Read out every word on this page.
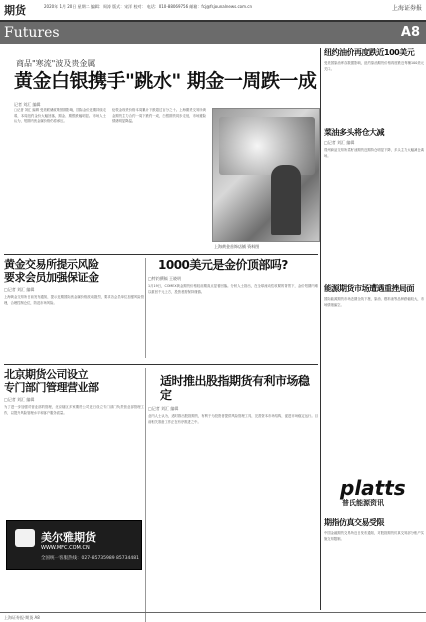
期货	2020年 1月 20日 星期二 编辑：周涛 版式：宋洋 校对： 电话：010-88069756 邮箱：fcj@fsjounalnews.com.cn	上海证券报
Futures	A8
商品"寒流"波及贵金属
黄金白银携手"跳水" 期金一周跌一成
记者 刘汇 编辑
□记者 刘汇 编辑 受美联储政策预期影响，国际金价近期持续走弱，本周纽约金价大幅回落，期金、期银跌幅明显。市场人士认为，短期内贵金属价格仍将承压。
伦敦金现货价格本周累计下跌超过百分之十。上海期货交易所黄金期货主力合约一周下跌约一成，白银期货同步走低，市场避险情绪明显降温。
上海黄金首饰店铺 资料图
黄金交易所提示风险
要求会员加强保证金
□记者 刘汇 编辑
上海黄金交易所日前发布通知，提示近期国际贵金属价格波动剧烈，要求各会员单位加强风险管理，合理控制仓位，防范市场风险。
1000美元是金价顶部吗?
□特约撰稿 王晓明
1月19日，COMEX黄金期货价格较前期高点显著回落。分析人士指出，在全球流动性收紧的背景下，金价短期内难以重回千元上方，投资者需保持谨慎。
北京期货公司设立
专门部门管理营业部
□记者 刘汇 编辑
为了进一步加强对营业部的管理，北京辖区多家期货公司近日设立专门部门负责营业部管理工作，以提升风险管理水平和客户服务质量。
适时推出股指期货有利市场稳定
□记者 刘汇 编辑
业内人士认为，适时推出股指期货，有利于为投资者提供风险管理工具，完善资本市场结构，促进市场稳定运行。目前相关准备工作正在有序推进之中。
美尔雅期货
WWW.MFC.COM.CN
全国统一客服热线：027-85735989 85734481
纽约油价再度跌近100美元
受美国原油库存数据影响，纽约原油期货价格再度跌近每桶100美元关口。
菜油多头将仓大减
□记者 刘汇 编辑
郑州商品交易所菜籽油期货近期持仓明显下降，多头主力大幅减仓离场。
能源期货市场遭遇重挫局面
国际能源期货市场近期全线下挫，原油、燃料油等品种跌幅较大，市场情绪偏空。
期指仿真交易受限
中国金融期货交易所近日发布通知，对股指期货仿真交易部分账户实施交易限制。
platts
普氏能源资讯
上海证券报·期货 A8
